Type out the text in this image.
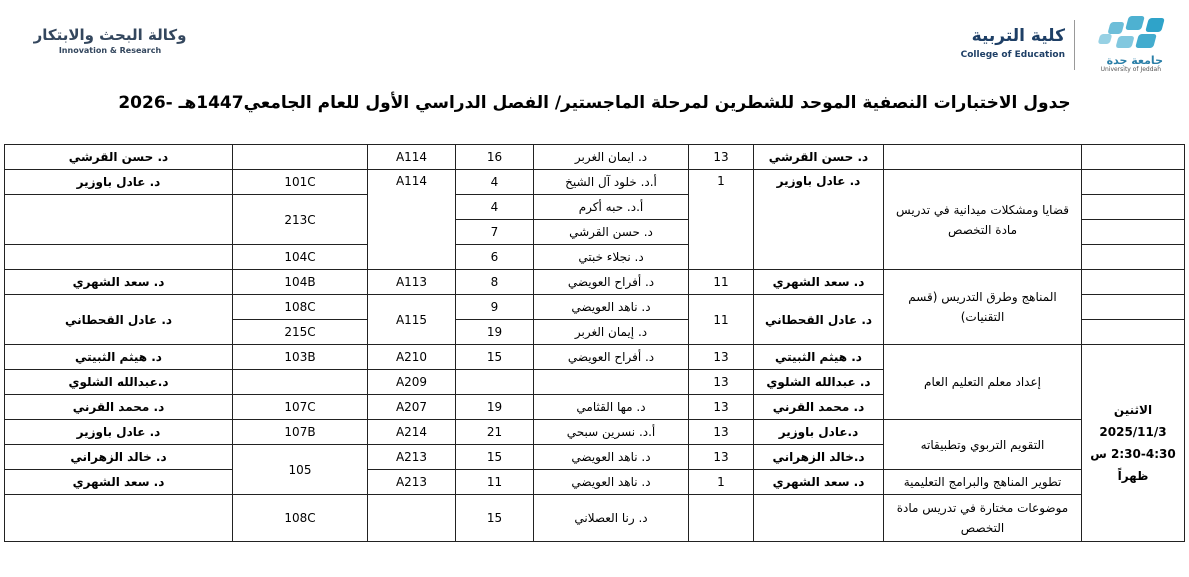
جامعة جدة
University of Jeddah
كلية التربية
College of Education
وكالة البحث والابتكار
Innovation & Research
جدول الاختبارات النصفية الموحد للشطرين لمرحلة الماجستير/ الفصل الدراسي الأول للعام الجامعي1447هـ -2026
		د. حسن القرشي	13	د. ايمان الغربر	16	A114		د. حسن القرشي	
	قضايا ومشكلات ميدانية في تدريس مادة التخصص	د. عادل باوزير	1	أ.د. خلود آل الشيخ	4	A114	101C	د. عادل باوزير	
				أ.د. حبه أكرم	4		213C		
				د. حسن القرشي	7				
				د. نجلاء خبتي	6		104C		
	المناهج وطرق التدريس (قسم التقنيات)	د. سعد الشهري	11	د. أفراح العويضي	8	A113	104B	د. سعد الشهري	
		د. عادل القحطاني	11	د. ناهد العويضي	9	A115	108C	د. عادل القحطاني	
				د. إيمان الغربر	19		215C	

الاثنين
2025/11/3
2:30-4:30 س
ظهراً	إعداد معلم التعليم العام	د. هيثم الثبيتي	13	د. أفراح العويضي	15	A210	103B	د. هيثم الثبيتي	
		د. عبدالله الشلوي	13			A209		د.عبدالله الشلوي	
		د. محمد القرني	13	د. مها القثامي	19	A207	107C	د. محمد القرني	
	التقويم التربوي وتطبيقاته	د.عادل باوزير	13	أ.د. نسرين سبحي	21	A214	107B	د. عادل باوزير	
		د.خالد الزهراني	13	د. ناهد العويضي	15	A213	105	د. خالد الزهراني	
	تطوير المناهج والبرامج التعليمية	د. سعد الشهري	1	د. ناهد العويضي	11	A213		د. سعد الشهري	
	موضوعات مختارة في تدريس مادة التخصص			د. رنا العصلاني	15		108C		
